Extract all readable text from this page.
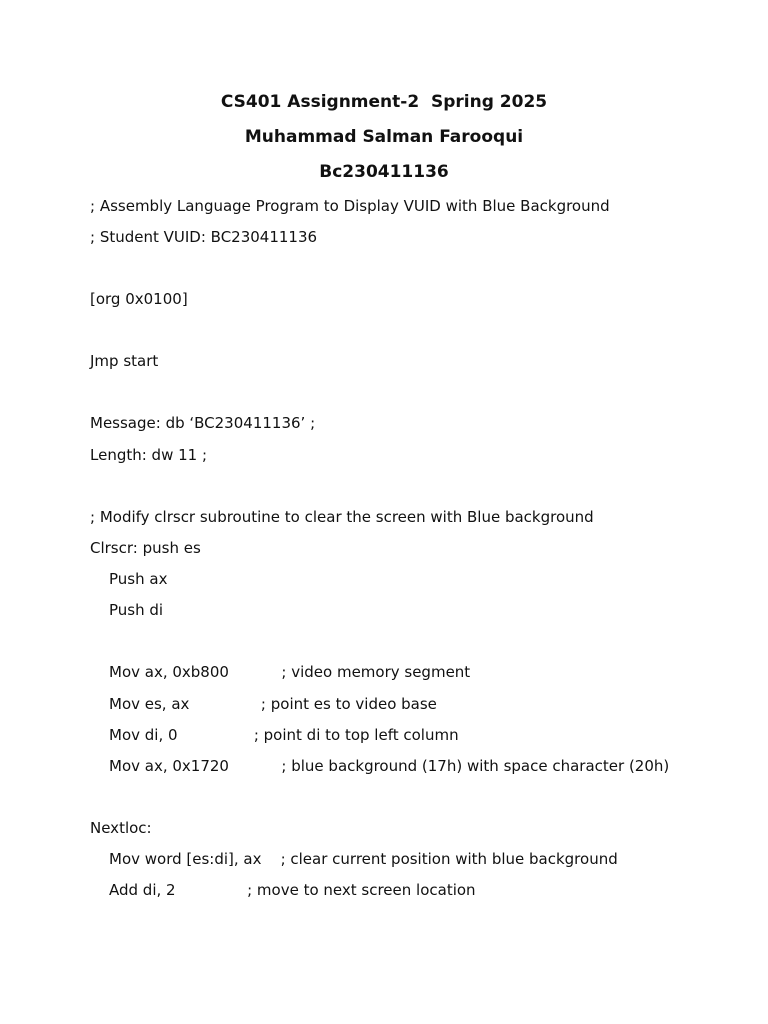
CS401 Assignment-2  Spring 2025
Muhammad Salman Farooqui
Bc230411136
; Assembly Language Program to Display VUID with Blue Background
; Student VUID: BC230411136
[org 0x0100]
Jmp start
Message: db ‘BC230411136’ ;
Length: dw 11 ;
; Modify clrscr subroutine to clear the screen with Blue background
Clrscr: push es
Push ax
Push di
Mov ax, 0xb800           ; video memory segment
Mov es, ax               ; point es to video base
Mov di, 0                ; point di to top left column
Mov ax, 0x1720           ; blue background (17h) with space character (20h)
Nextloc:
Mov word [es:di], ax    ; clear current position with blue background
Add di, 2               ; move to next screen location
